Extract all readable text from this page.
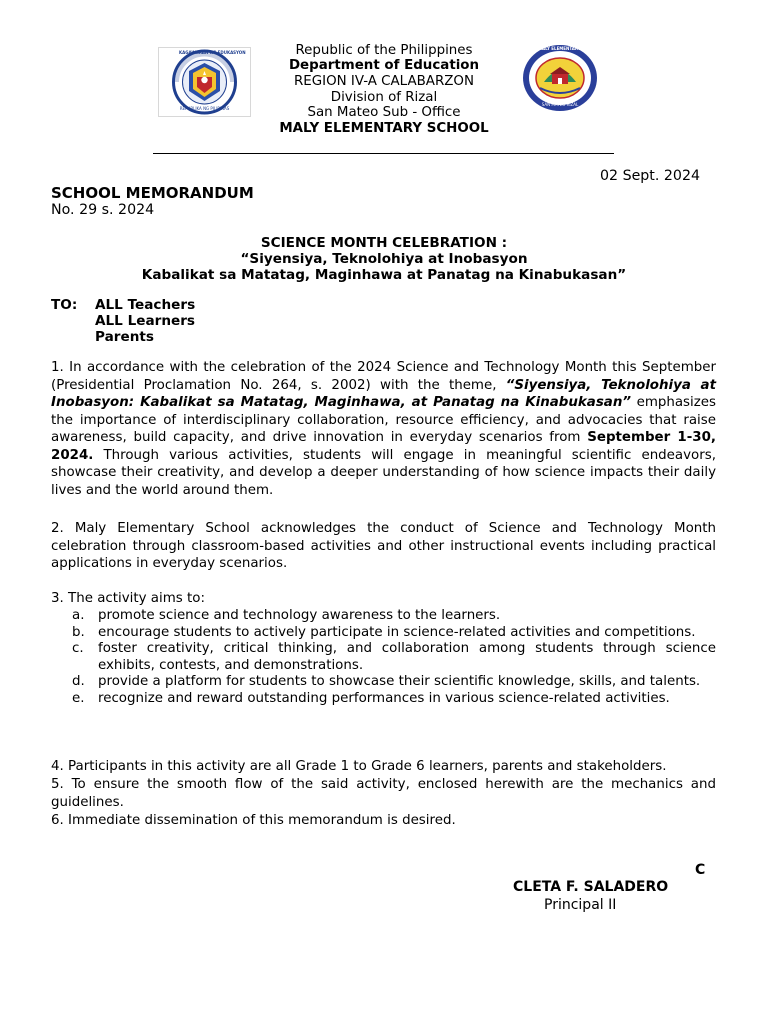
KAGAWARAN NG EDUKASYON
REPUBLIKA NG PILIPINAS
MALY ELEMENTARY SCHOOL
SAN MATEO RIZAL
Republic of the Philippines
Department of Education
REGION IV-A CALABARZON
Division of Rizal
San Mateo Sub - Office
MALY ELEMENTARY SCHOOL
02 Sept. 2024
SCHOOL MEMORANDUM
No. 29 s. 2024
SCIENCE MONTH CELEBRATION :
“Siyensiya, Teknolohiya at Inobasyon
Kabalikat sa Matatag, Maginhawa at Panatag na Kinabukasan”
TO:	ALL Teachers
ALL Learners
Parents
1. In accordance with the celebration of the 2024 Science and Technology Month this September (Presidential Proclamation No. 264, s. 2002) with the theme, “Siyensiya, Teknolohiya at Inobasyon: Kabalikat sa Matatag, Maginhawa, at Panatag na Kinabukasan” emphasizes the importance of interdisciplinary collaboration, resource efficiency, and advocacies that raise awareness, build capacity, and drive innovation in everyday scenarios from September 1-30, 2024. Through various activities, students will engage in meaningful scientific endeavors, showcase their creativity, and develop a deeper understanding of how science impacts their daily lives and the world around them.
2. Maly Elementary School acknowledges the conduct of Science and Technology Month celebration through classroom-based activities and other instructional events including practical applications in everyday scenarios.
3. The activity aims to:
a.	promote science and technology awareness to the learners.
b. encourage students to actively participate in science-related activities and competitions.
c.	foster creativity, critical thinking, and collaboration among students through science exhibits, contests, and demonstrations.
d. provide a platform for students to showcase their scientific knowledge, skills, and talents.
e.	recognize and reward outstanding performances in various science-related activities.
4. Participants in this activity are all Grade 1 to Grade 6 learners, parents and stakeholders.
5. To ensure the smooth flow of the said activity, enclosed herewith are the mechanics and guidelines.
6. Immediate dissemination of this memorandum is desired.
C
CLETA F. SALADERO
Principal II
